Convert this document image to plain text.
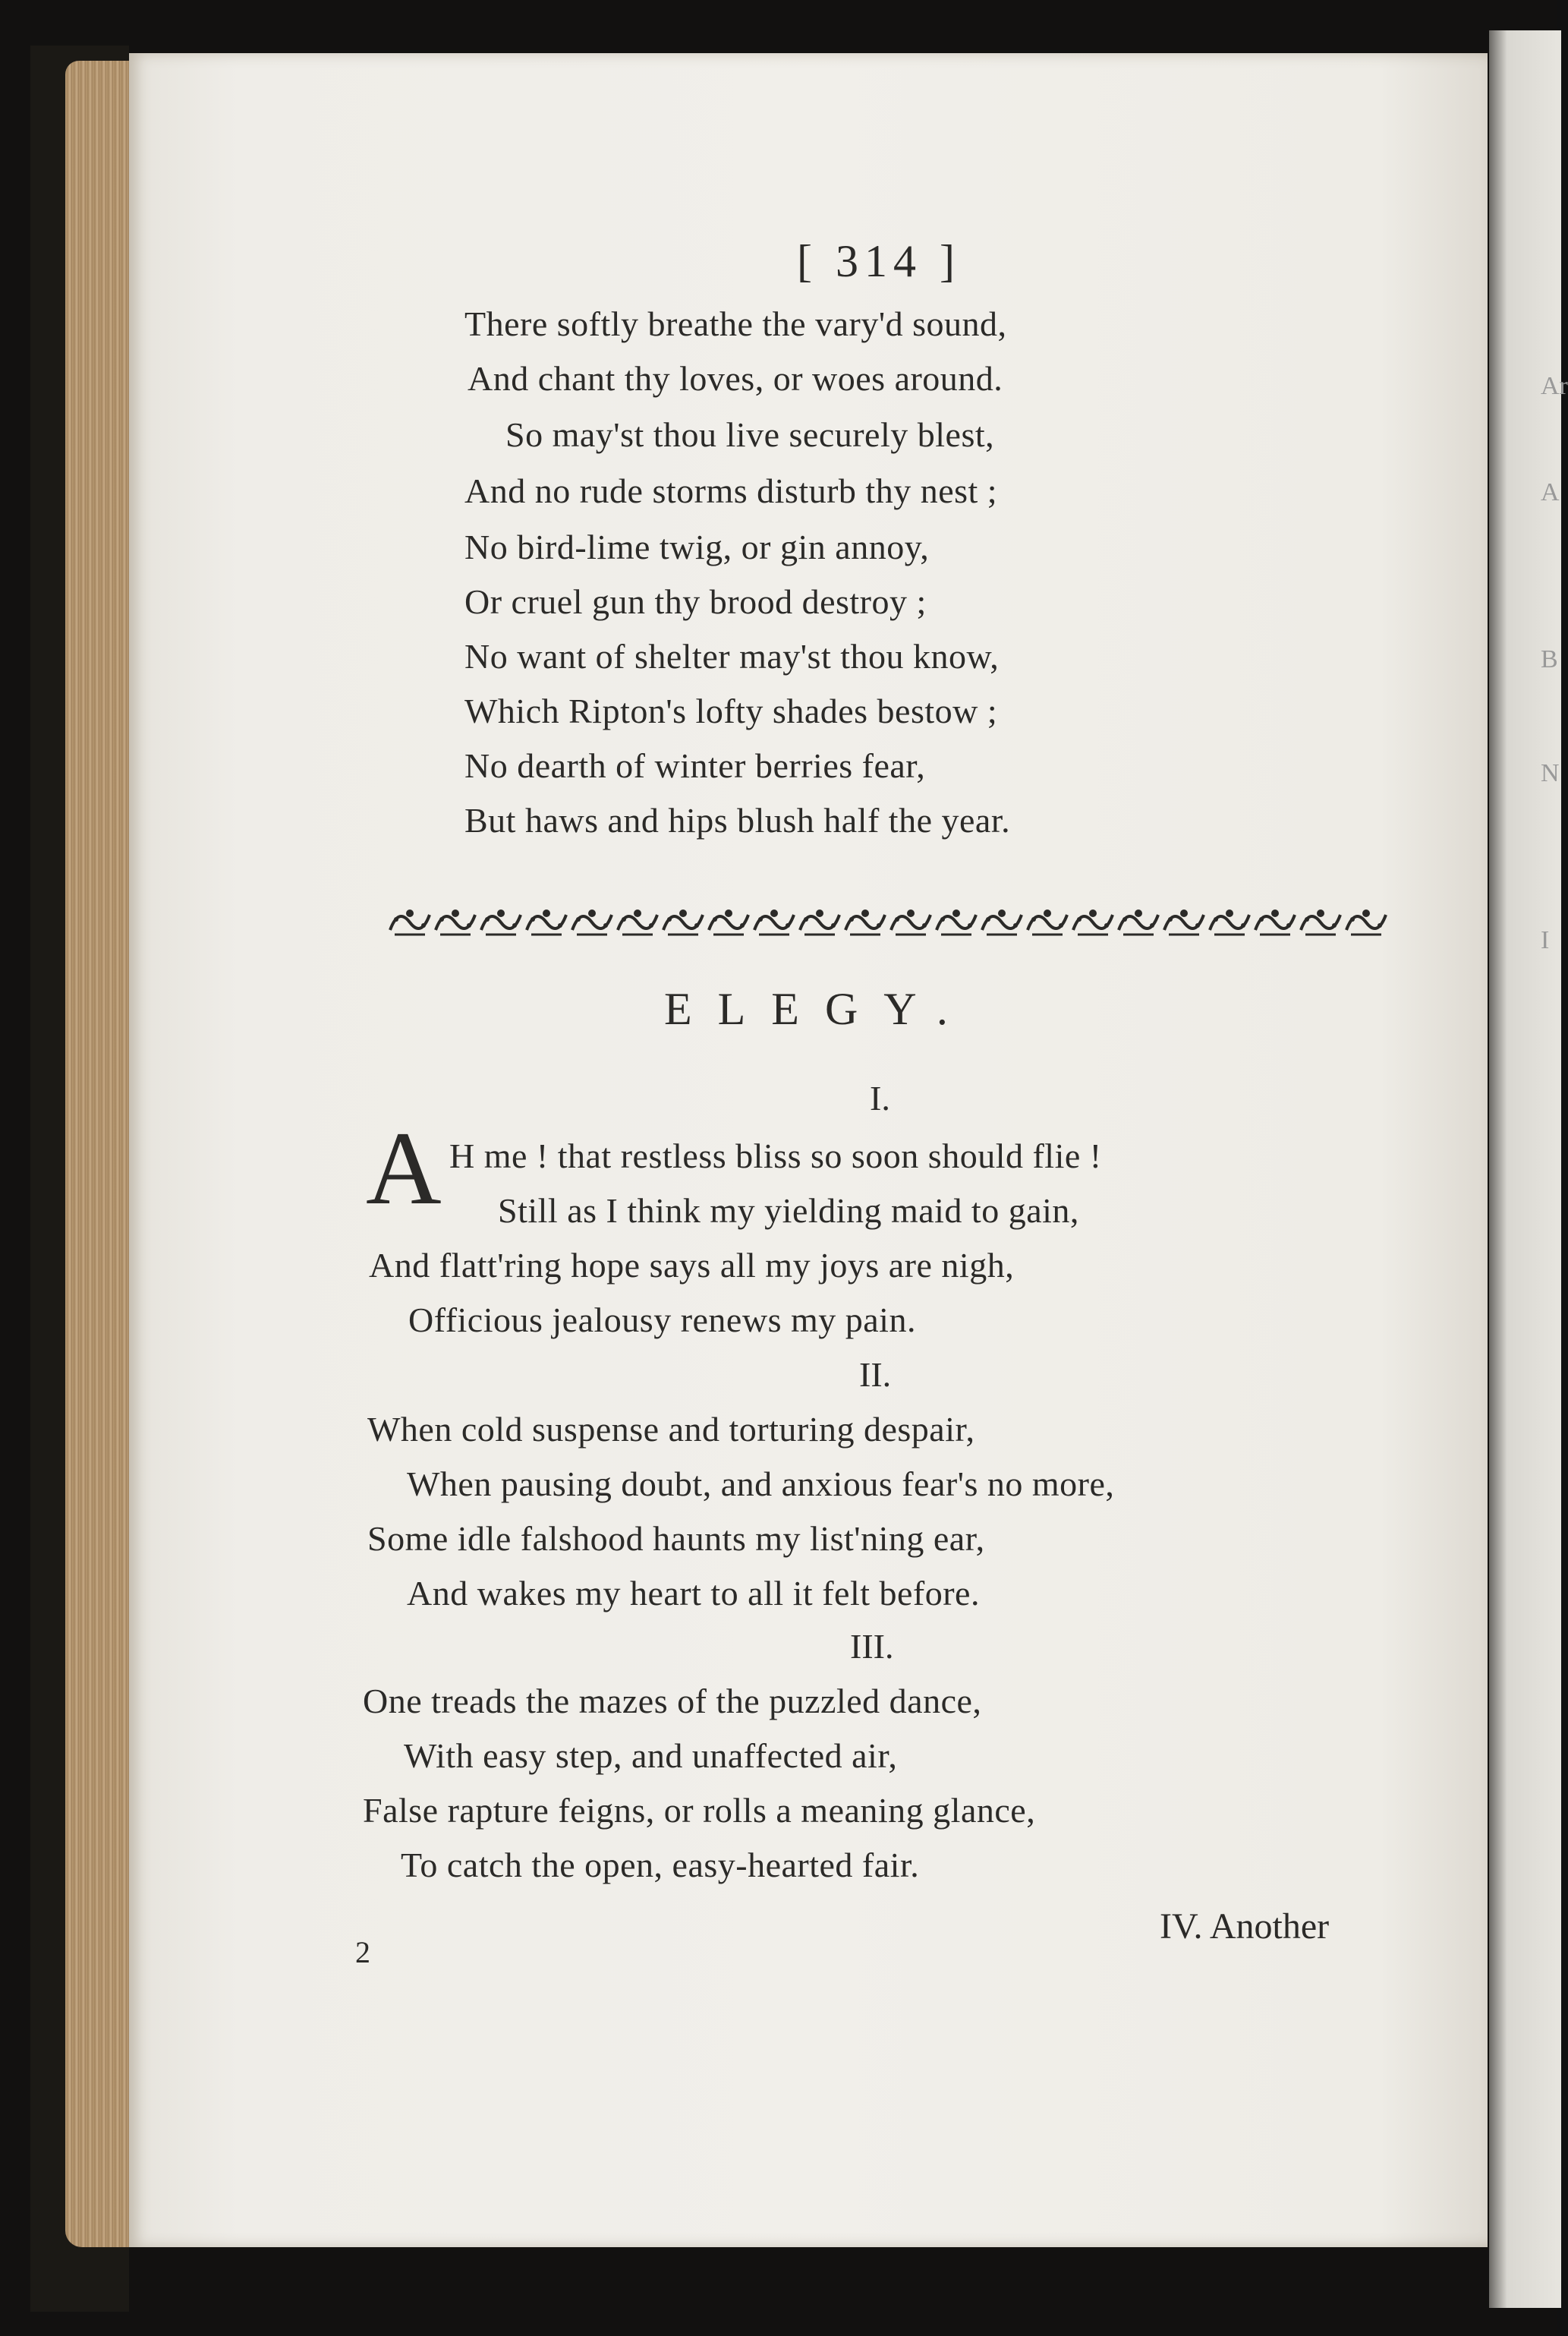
Ar
A
B
N
I
[ 314 ]
There softly breathe the vary'd sound,
And chant thy loves, or woes around.
So may'st thou live securely blest,
And no rude storms disturb thy nest ;
No bird-lime twig, or gin annoy,
Or cruel gun thy brood destroy ;
No want of shelter may'st thou know,
Which Ripton's lofty shades bestow ;
No dearth of winter berries fear,
But haws and hips blush half the year.
ELEGY.
I.
A H me ! that restless bliss so soon should flie !
Still as I think my yielding maid to gain,
And flatt'ring hope says all my joys are nigh,
Officious jealousy renews my pain.
II.
When cold suspense and torturing despair,
When pausing doubt, and anxious fear's no more,
Some idle falshood haunts my list'ning ear,
And wakes my heart to all it felt before.
III.
One treads the mazes of the puzzled dance,
With easy step, and unaffected air,
False rapture feigns, or rolls a meaning glance,
To catch the open, easy-hearted fair.
IV. Another
2
